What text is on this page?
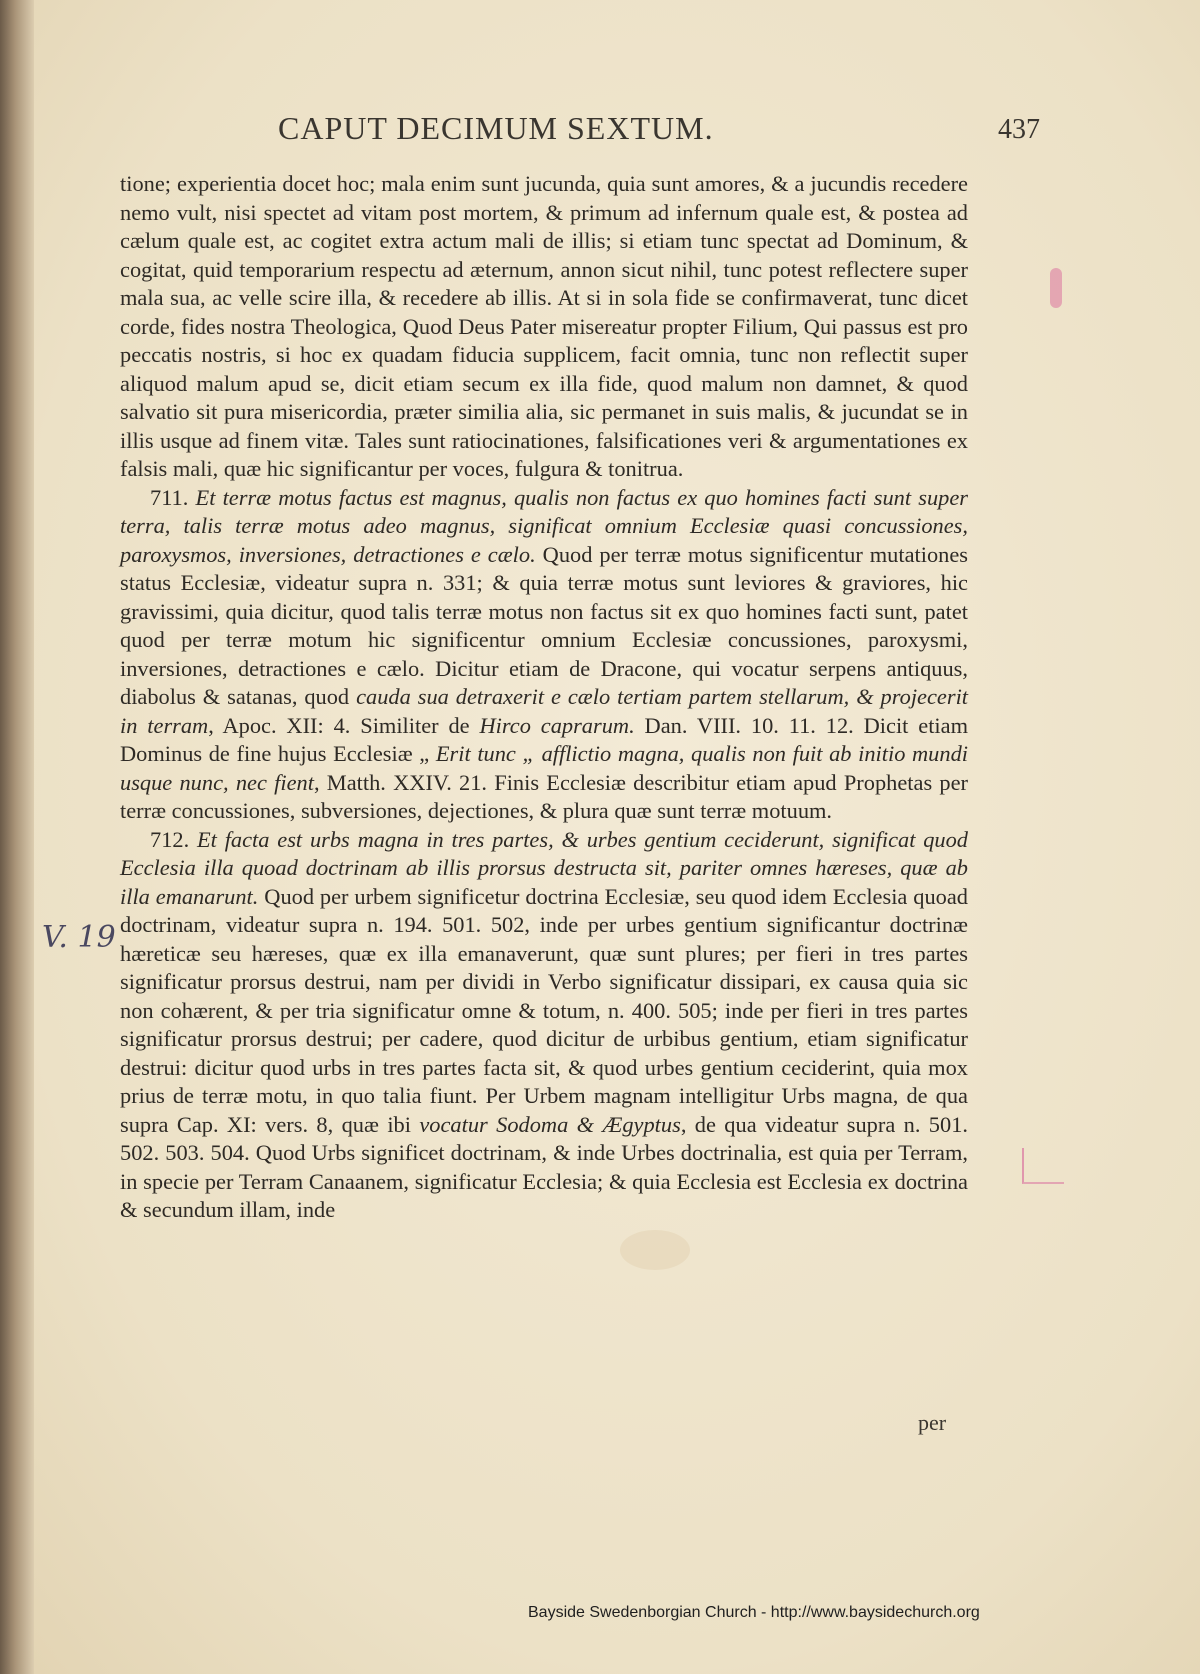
CAPUT DECIMUM SEXTUM.	437

tione; experientia docet hoc; mala enim sunt jucunda, quia sunt amores, & a jucundis recedere nemo vult, nisi spectet ad vitam post mortem, & primum ad infernum quale est, & postea ad cælum quale est, ac cogitet extra actum mali de illis; si etiam tunc spectat ad Dominum, & cogitat, quid temporarium respectu ad æternum, annon sicut nihil, tunc potest reflectere super mala sua, ac velle scire illa, & recedere ab illis. At si in sola fide se confirmaverat, tunc dicet corde, fides nostra Theologica, Quod Deus Pater misereatur propter Filium, Qui passus est pro peccatis nostris, si hoc ex quadam fiducia supplicem, facit omnia, tunc non reflectit super aliquod malum apud se, dicit etiam secum ex illa fide, quod malum non damnet, & quod salvatio sit pura misericordia, præter similia alia, sic permanet in suis malis, & jucundat se in illis usque ad finem vitæ. Tales sunt ratiocinationes, falsificationes veri & argumentationes ex falsis mali, quæ hic significantur per voces, fulgura & tonitrua.

711. Et terræ motus factus est magnus, qualis non factus ex quo homines facti sunt super terra, talis terræ motus adeo magnus, significat omnium Ecclesiæ quasi concussiones, paroxysmos, inversiones, detractiones e cælo. Quod per terræ motus significentur mutationes status Ecclesiæ, videatur supra n. 331; & quia terræ motus sunt leviores & graviores, hic gravissimi, quia dicitur, quod talis terræ motus non factus sit ex quo homines facti sunt, patet quod per terræ motum hic significentur omnium Ecclesiæ concussiones, paroxysmi, inversiones, detractiones e cælo. Dicitur etiam de Dracone, qui vocatur serpens antiquus, diabolus & satanas, quod cauda sua detraxerit e cælo tertiam partem stellarum, & projecerit in terram, Apoc. XII: 4. Similiter de Hirco caprarum. Dan. VIII. 10. 11. 12. Dicit etiam Dominus de fine hujus Ecclesiæ „ Erit tunc „ afflictio magna, qualis non fuit ab initio mundi usque nunc, nec fient, Matth. XXIV. 21. Finis Ecclesiæ describitur etiam apud Prophetas per terræ concussiones, subversiones, dejectiones, & plura quæ sunt terræ motuum.

712. Et facta est urbs magna in tres partes, & urbes gentium ceciderunt, significat quod Ecclesia illa quoad doctrinam ab illis prorsus destructa sit, pariter omnes hæreses, quæ ab illa emanarunt. Quod per urbem significetur doctrina Ecclesiæ, seu quod idem Ecclesia quoad doctrinam, videatur supra n. 194. 501. 502, inde per urbes gentium significantur doctrinæ hæreticæ seu hæreses, quæ ex illa emanaverunt, quæ sunt plures; per fieri in tres partes significatur prorsus destrui, nam per dividi in Verbo significatur dissipari, ex causa quia sic non cohærent, & per tria significatur omne & totum, n. 400. 505; inde per fieri in tres partes significatur prorsus destrui; per cadere, quod dicitur de urbibus gentium, etiam significatur destrui: dicitur quod urbs in tres partes facta sit, & quod urbes gentium ceciderint, quia mox prius de terræ motu, in quo talia fiunt. Per Urbem magnam intelligitur Urbs magna, de qua supra Cap. XI: vers. 8, quæ ibi vocatur Sodoma & Ægyptus, de qua videatur supra n. 501. 502. 503. 504. Quod Urbs significet doctrinam, & inde Urbes doctrinalia, est quia per Terram, in specie per Terram Canaanem, significatur Ecclesia; & quia Ecclesia est Ecclesia ex doctrina & secundum illam, inde

per
V. 19
Bayside Swedenborgian Church - http://www.baysidechurch.org
